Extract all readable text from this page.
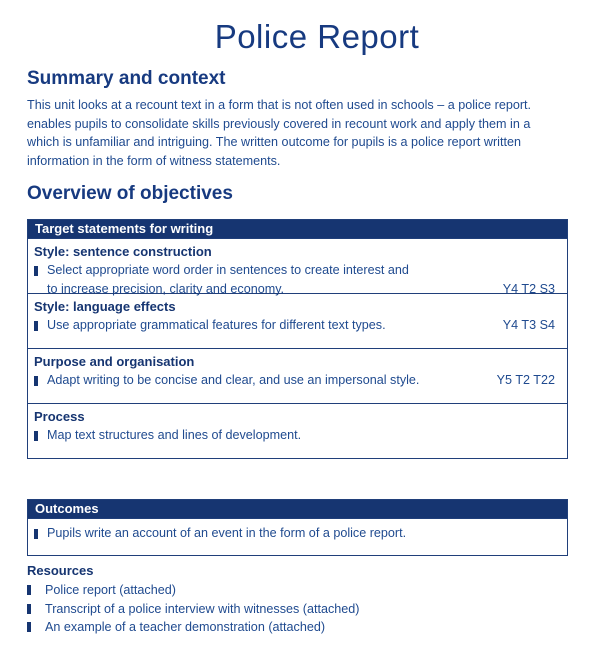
Police Report
Summary and context
This unit looks at a recount text in a form that is not often used in schools – a police report.
enables pupils to consolidate skills previously covered in recount work and apply them in a
which is unfamiliar and intriguing. The written outcome for pupils is a police report written
information in the form of witness statements.
Overview of objectives
Target statements for writing
Style: sentence construction
Select appropriate word order in sentences to create interest and
to increase precision, clarity and economy.	Y4 T2 S3
Style: language effects
Use appropriate grammatical features for different text types.	Y4 T3 S4
Purpose and organisation
Adapt writing to be concise and clear, and use an impersonal style.	Y5 T2 T22
Process
Map text structures and lines of development.
Outcomes
Pupils write an account of an event in the form of a police report.
Resources
Police report (attached)
Transcript of a police interview with witnesses (attached)
An example of a teacher demonstration (attached)
